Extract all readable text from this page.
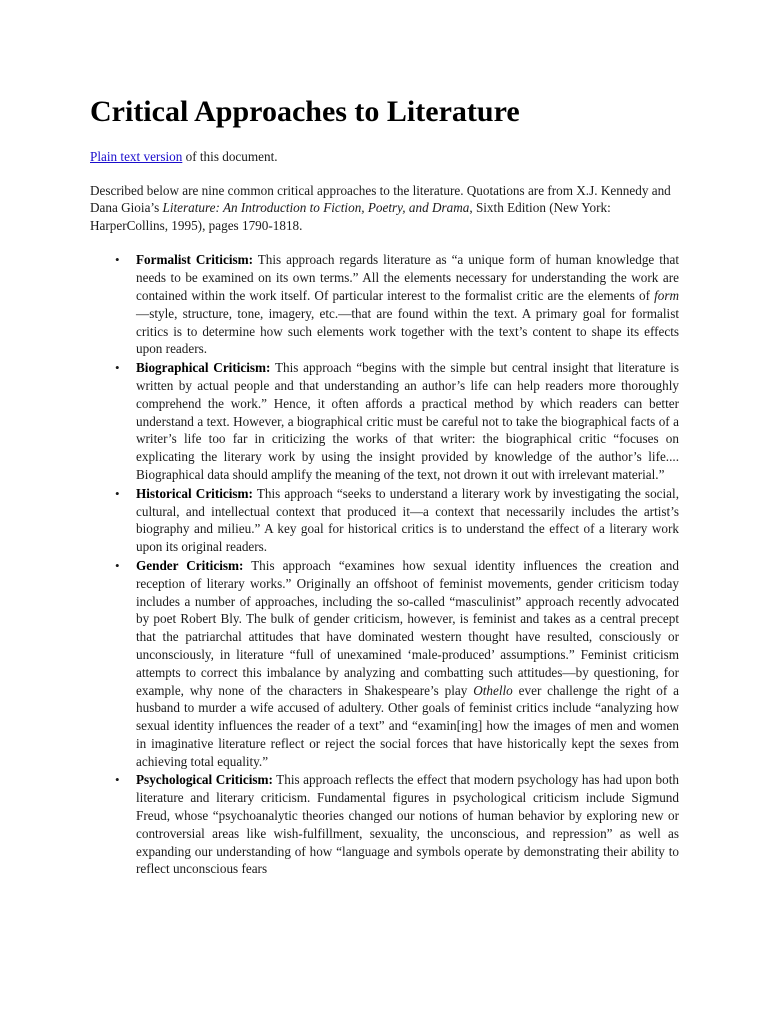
Critical Approaches to Literature

Plain text version of this document.

Described below are nine common critical approaches to the literature. Quotations are from X.J. Kennedy and Dana Gioia’s Literature: An Introduction to Fiction, Poetry, and Drama, Sixth Edition (New York: HarperCollins, 1995), pages 1790-1818.

• Formalist Criticism: This approach regards literature as “a unique form of human knowledge that needs to be examined on its own terms.” All the elements necessary for understanding the work are contained within the work itself. Of particular interest to the formalist critic are the elements of form—style, structure, tone, imagery, etc.—that are found within the text. A primary goal for formalist critics is to determine how such elements work together with the text’s content to shape its effects upon readers.
• Biographical Criticism: This approach “begins with the simple but central insight that literature is written by actual people and that understanding an author’s life can help readers more thoroughly comprehend the work.” Hence, it often affords a practical method by which readers can better understand a text. However, a biographical critic must be careful not to take the biographical facts of a writer’s life too far in criticizing the works of that writer: the biographical critic “focuses on explicating the literary work by using the insight provided by knowledge of the author’s life.... Biographical data should amplify the meaning of the text, not drown it out with irrelevant material.”
• Historical Criticism: This approach “seeks to understand a literary work by investigating the social, cultural, and intellectual context that produced it—a context that necessarily includes the artist’s biography and milieu.” A key goal for historical critics is to understand the effect of a literary work upon its original readers.
• Gender Criticism: This approach “examines how sexual identity influences the creation and reception of literary works.” Originally an offshoot of feminist movements, gender criticism today includes a number of approaches, including the so-called “masculinist” approach recently advocated by poet Robert Bly. The bulk of gender criticism, however, is feminist and takes as a central precept that the patriarchal attitudes that have dominated western thought have resulted, consciously or unconsciously, in literature “full of unexamined ‘male-produced’ assumptions.” Feminist criticism attempts to correct this imbalance by analyzing and combatting such attitudes—by questioning, for example, why none of the characters in Shakespeare’s play Othello ever challenge the right of a husband to murder a wife accused of adultery. Other goals of feminist critics include “analyzing how sexual identity influences the reader of a text” and “examin[ing] how the images of men and women in imaginative literature reflect or reject the social forces that have historically kept the sexes from achieving total equality.”
• Psychological Criticism: This approach reflects the effect that modern psychology has had upon both literature and literary criticism. Fundamental figures in psychological criticism include Sigmund Freud, whose “psychoanalytic theories changed our notions of human behavior by exploring new or controversial areas like wish-fulfillment, sexuality, the unconscious, and repression” as well as expanding our understanding of how “language and symbols operate by demonstrating their ability to reflect unconscious fears
